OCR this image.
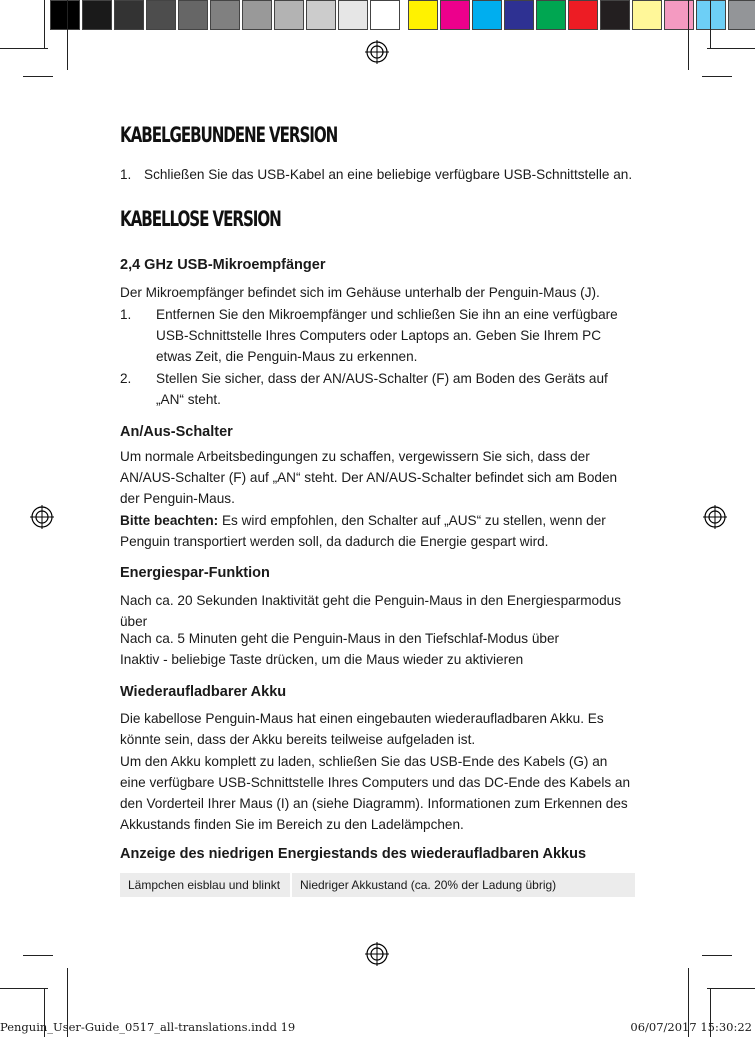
KABELGEBUNDENE VERSION
1. Schließen Sie das USB-Kabel an eine beliebige verfügbare USB-Schnittstelle an.
KABELLOSE VERSION
2,4 GHz USB-Mikroempfänger
Der Mikroempfänger befindet sich im Gehäuse unterhalb der Penguin-Maus (J).
1. Entfernen Sie den Mikroempfänger und schließen Sie ihn an eine verfügbare USB-Schnittstelle Ihres Computers oder Laptops an. Geben Sie Ihrem PC etwas Zeit, die Penguin-Maus zu erkennen.
2. Stellen Sie sicher, dass der AN/AUS-Schalter (F) am Boden des Geräts auf „AN“ steht.
An/Aus-Schalter
Um normale Arbeitsbedingungen zu schaffen, vergewissern Sie sich, dass der AN/AUS-Schalter (F) auf „AN“ steht. Der AN/AUS-Schalter befindet sich am Boden der Penguin-Maus.
Bitte beachten: Es wird empfohlen, den Schalter auf „AUS“ zu stellen, wenn der Penguin transportiert werden soll, da dadurch die Energie gespart wird.
Energiespar-Funktion
Nach ca. 20 Sekunden Inaktivität geht die Penguin-Maus in den Energiesparmodus über
Nach ca. 5 Minuten geht die Penguin-Maus in den Tiefschlaf-Modus über
Inaktiv - beliebige Taste drücken, um die Maus wieder zu aktivieren
Wiederaufladbarer Akku
Die kabellose Penguin-Maus hat einen eingebauten wiederaufladbaren Akku. Es könnte sein, dass der Akku bereits teilweise aufgeladen ist.
Um den Akku komplett zu laden, schließen Sie das USB-Ende des Kabels (G) an eine verfügbare USB-Schnittstelle Ihres Computers und das DC-Ende des Kabels an den Vorderteil Ihrer Maus (I) an (siehe Diagramm). Informationen zum Erkennen des Akkustands finden Sie im Bereich zu den Ladelämpchen.
Anzeige des niedrigen Energiestands des wiederaufladbaren Akkus
Lämpchen eisblau und blinkt	Niedriger Akkustand (ca. 20% der Ladung übrig)
Penguin_User-Guide_0517_all-translations.indd 19	06/07/2017 15:30:22
